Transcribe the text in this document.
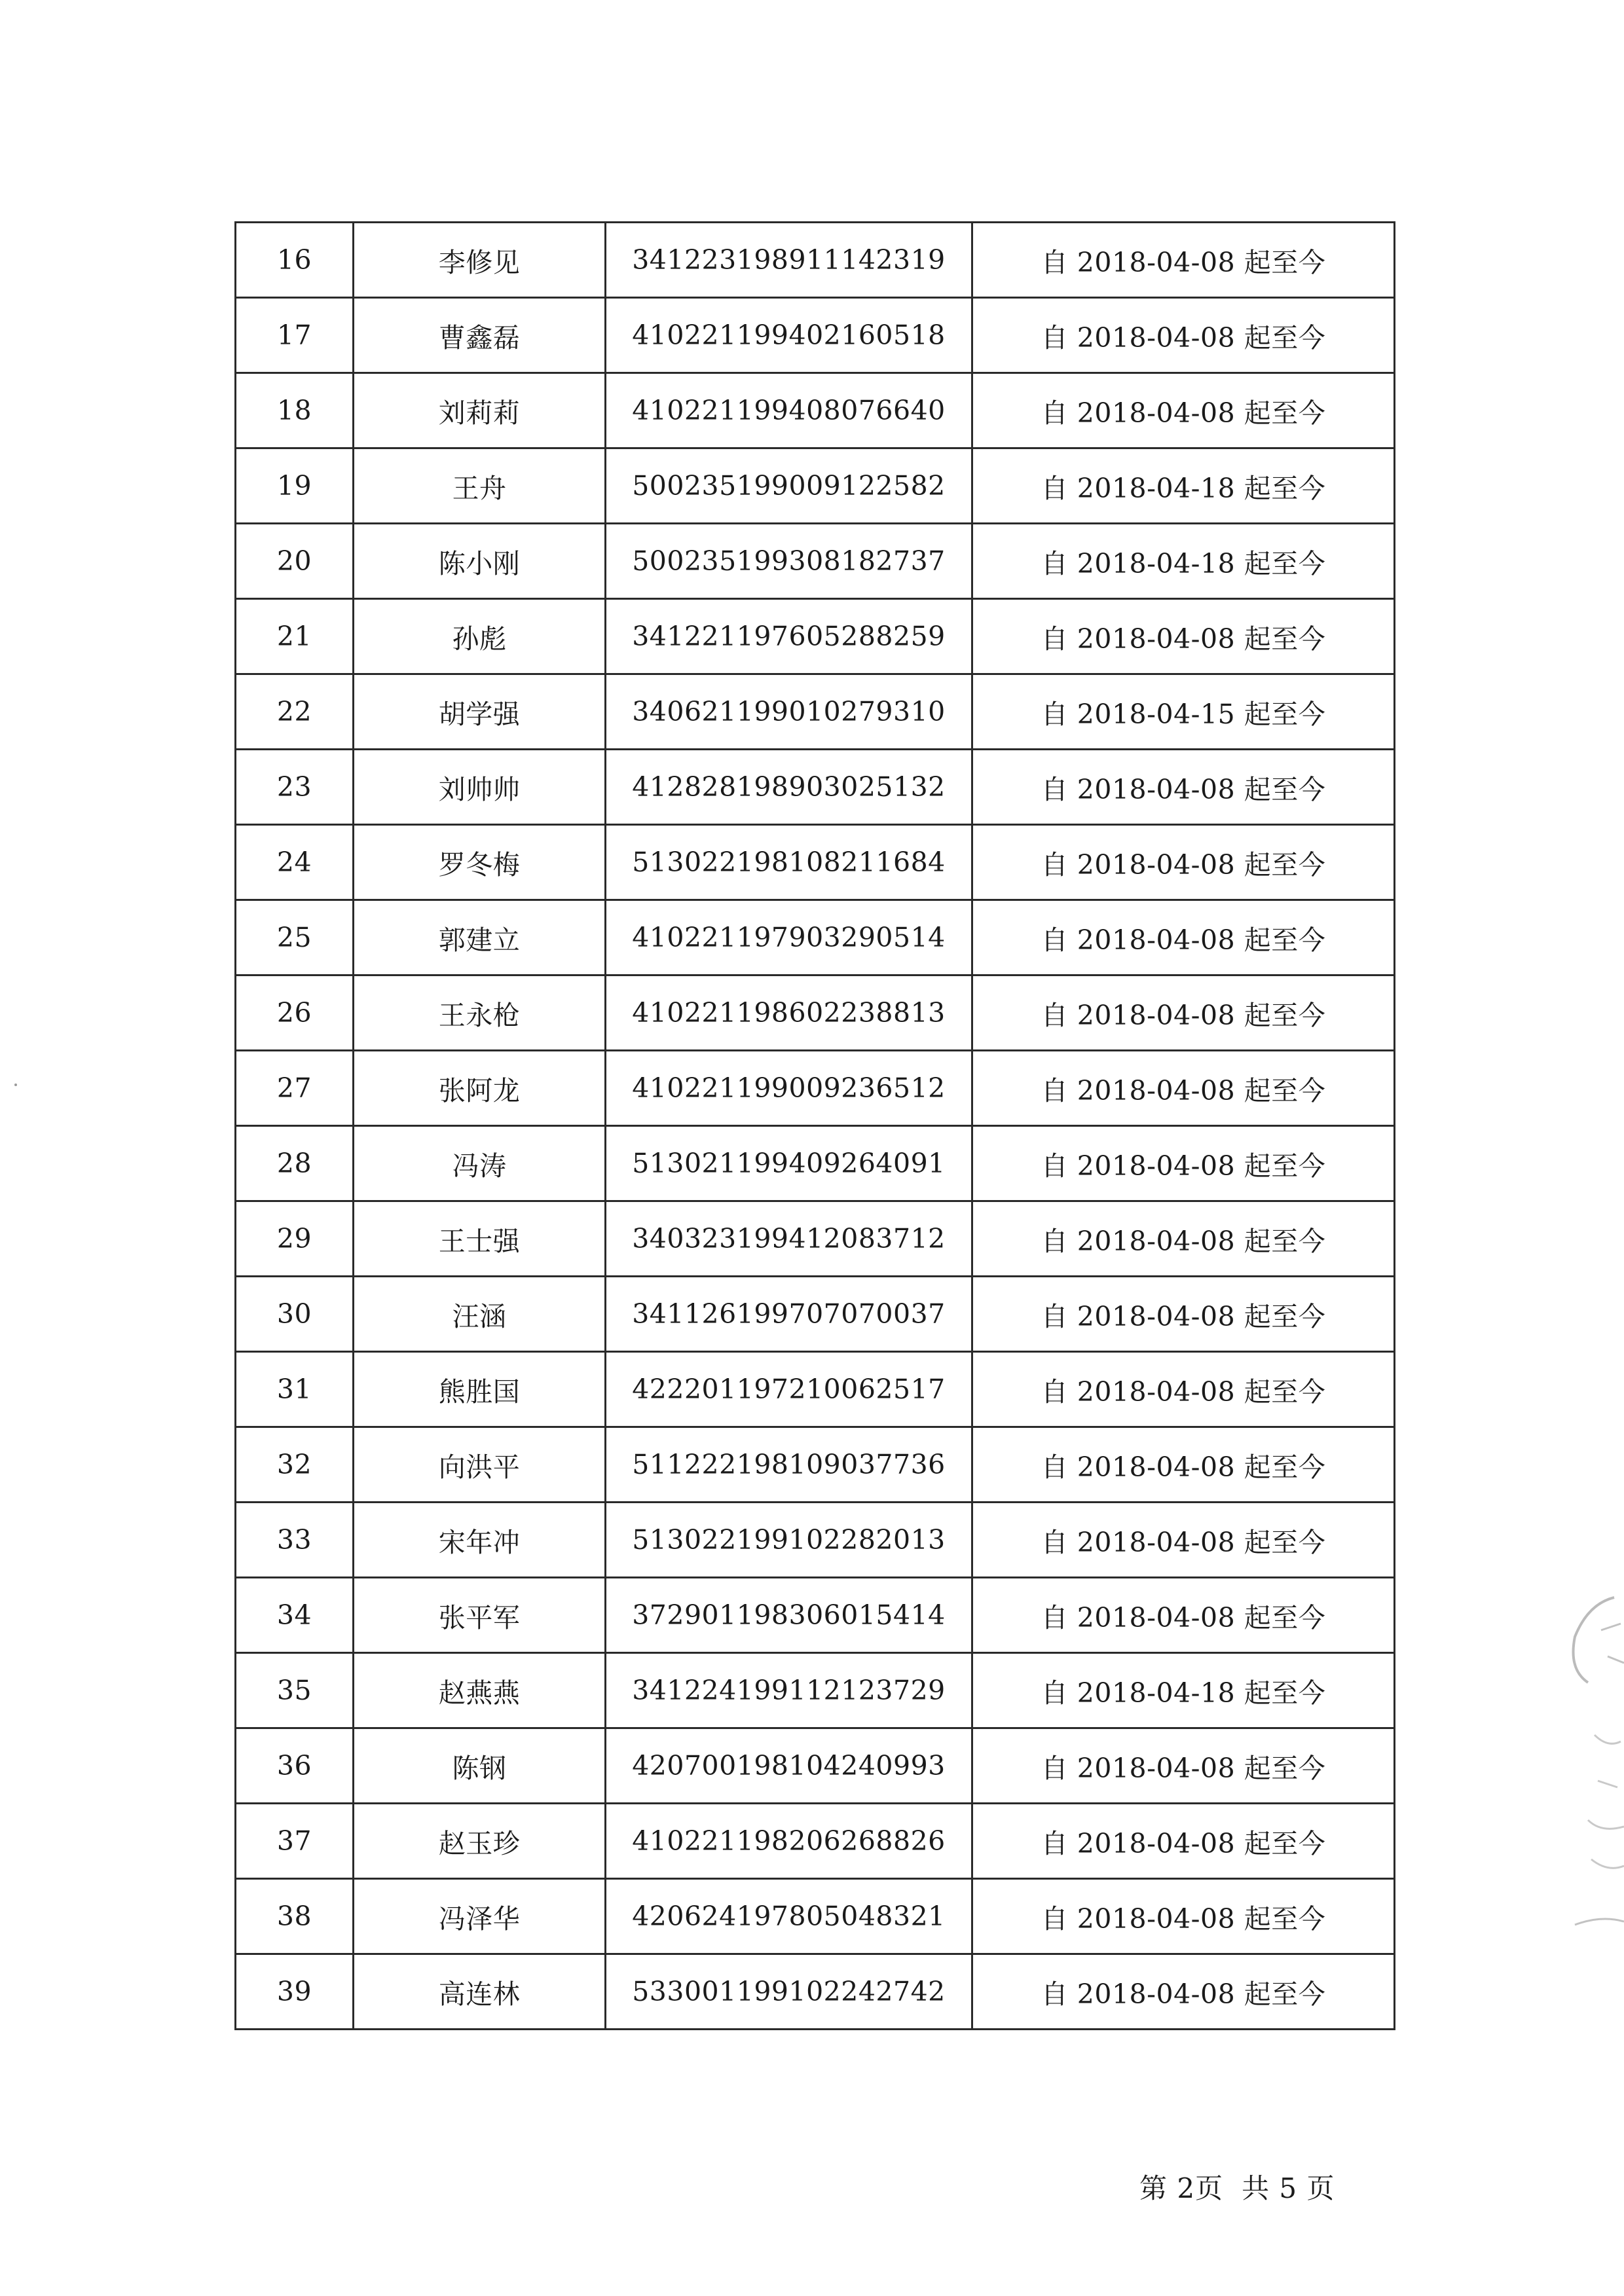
16	李修见	341223198911142319	自 2018-04-08 起至今
17	曹鑫磊	410221199402160518	自 2018-04-08 起至今
18	刘莉莉	410221199408076640	自 2018-04-08 起至今
19	王舟	500235199009122582	自 2018-04-18 起至今
20	陈小刚	500235199308182737	自 2018-04-18 起至今
21	孙彪	341221197605288259	自 2018-04-08 起至今
22	胡学强	340621199010279310	自 2018-04-15 起至今
23	刘帅帅	412828198903025132	自 2018-04-08 起至今
24	罗冬梅	513022198108211684	自 2018-04-08 起至今
25	郭建立	410221197903290514	自 2018-04-08 起至今
26	王永枪	410221198602238813	自 2018-04-08 起至今
27	张阿龙	410221199009236512	自 2018-04-08 起至今
28	冯涛	513021199409264091	自 2018-04-08 起至今
29	王士强	340323199412083712	自 2018-04-08 起至今
30	汪涵	341126199707070037	自 2018-04-08 起至今
31	熊胜国	422201197210062517	自 2018-04-08 起至今
32	向洪平	511222198109037736	自 2018-04-08 起至今
33	宋年冲	513022199102282013	自 2018-04-08 起至今
34	张平军	372901198306015414	自 2018-04-08 起至今
35	赵燕燕	341224199112123729	自 2018-04-18 起至今
36	陈钢	420700198104240993	自 2018-04-08 起至今
37	赵玉珍	410221198206268826	自 2018-04-08 起至今
38	冯泽华	420624197805048321	自 2018-04-08 起至今
39	高连林	533001199102242742	自 2018-04-08 起至今
第 2页 共 5 页
